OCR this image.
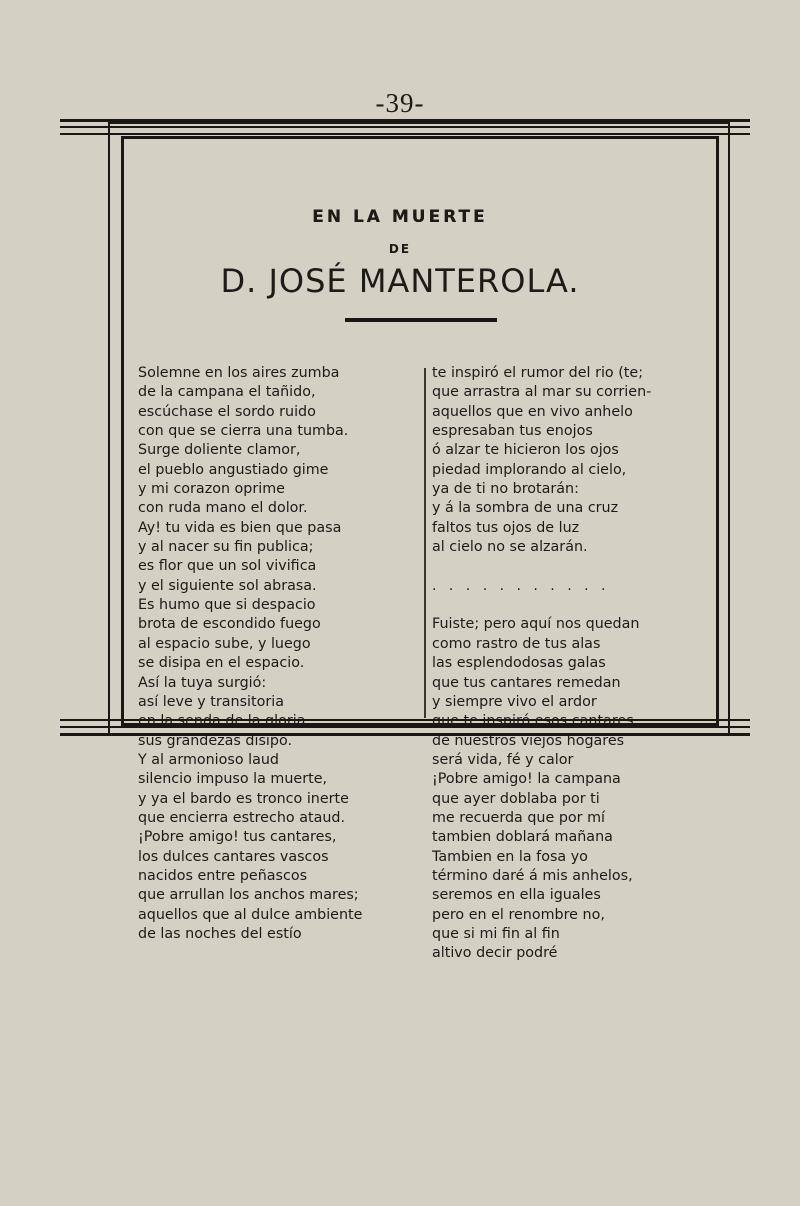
-39-
EN LA MUERTE
DE
D. JOSÉ MANTEROLA.
Solemne en los aires zumba
de la campana el tañido,
escúchase el sordo ruido
con que se cierra una tumba.
Surge doliente clamor,
el pueblo angustiado gime
y mi corazon oprime
con ruda mano el dolor.
Ay! tu vida es bien que pasa
y al nacer su fin publica;
es flor que un sol vivifica
y el siguiente sol abrasa.
Es humo que si despacio
brota de escondido fuego
al espacio sube, y luego
se disipa en el espacio.
Así la tuya surgió:
así leve y transitoria
en la senda de la gloria
sus grandezas disipó.
Y al armonioso laud
silencio impuso la muerte,
y ya el bardo es tronco inerte
que encierra estrecho ataud.
¡Pobre amigo! tus cantares,
los dulces cantares vascos
nacidos entre peñascos
que arrullan los anchos mares;
aquellos que al dulce ambiente
de las noches del estío
te inspiró el rumor del rio (te;
que arrastra al mar su corrien-
aquellos que en vivo anhelo
espresaban tus enojos
ó alzar te hicieron los ojos
piedad implorando al cielo,
ya de ti no brotarán:
y á la sombra de una cruz
faltos tus ojos de luz
al cielo no se alzarán.
. . . . . . . . . . .
Fuiste; pero aquí nos quedan
como rastro de tus alas
las esplendodosas galas
que tus cantares remedan
y siempre vivo el ardor
que te inspiró esos cantares
de nuestros viejos hogares
será vida, fé y calor
¡Pobre amigo! la campana
que ayer doblaba por ti
me recuerda que por mí
tambien doblará mañana
Tambien en la fosa yo
término daré á mis anhelos,
seremos en ella iguales
pero en el renombre no,
que si mi fin al fin
altivo decir podré
